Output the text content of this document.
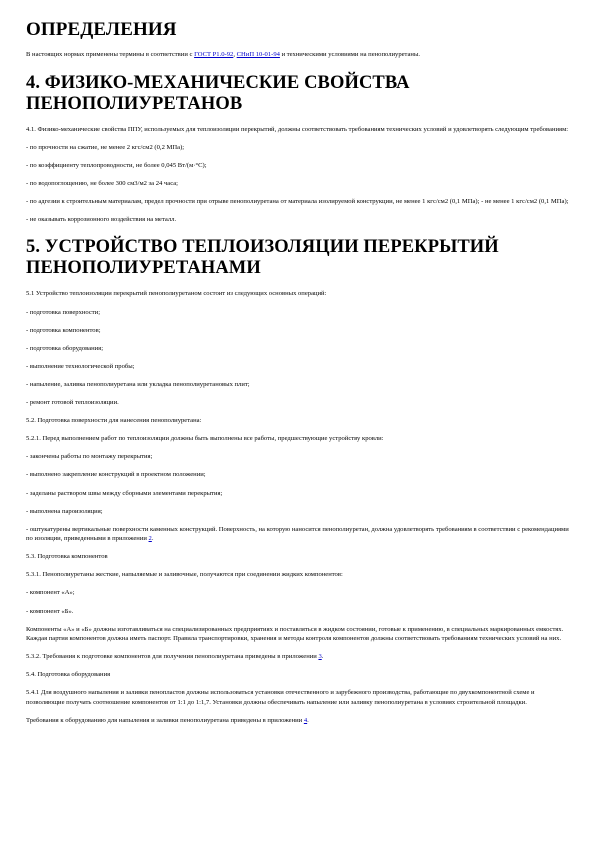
ОПРЕДЕЛЕНИЯ

В настоящих нормах применены термины в соответствии с ГОСТ Р1.0-92, СНиП 10-01-94 и техническими условиями на пенополиуретаны.

4. ФИЗИКО-МЕХАНИЧЕСКИЕ СВОЙСТВА ПЕНОПОЛИУРЕТАНОВ

4.1. Физико-механические свойства ППУ, используемых для теплоизоляции перекрытий, должны соответствовать требованиям технических условий и удовлетворять следующим требованиям:

- по прочности на сжатие, не менее 2 кгс/см2 (0,2 МПа);

- по коэффициенту теплопроводности, не более 0,045 Вт/(м·°С);

- по водопоглощению, не более 300 см3/м2 за 24 часа;

- по адгезии к строительным материалам, предел прочности при отрыве пенополиуретана от материала изолируемой конструкции, не менее 1 кгс/см2 (0,1 МПа); - не менее 1 кгс/см2 (0,1 МПа);

- не оказывать коррозионного воздействия на металл.

5. УСТРОЙСТВО ТЕПЛОИЗОЛЯЦИИ ПЕРЕКРЫТИЙ ПЕНОПОЛИУРЕТАНАМИ

5.1 Устройство теплоизоляции перекрытий пенополиуретаном состоит из следующих основных операций:

- подготовка поверхности;

- подготовка компонентов;

- подготовка оборудования;

- выполнение технологической пробы;

- напыление, заливка пенополиуретана или укладка пенополиуретановых плит;

- ремонт готовой теплоизоляции.

5.2. Подготовка поверхности для нанесения пенополиуретана:

5.2.1. Перед выполнением работ по теплоизоляции должны быть выполнены все работы, предшествующие устройству кровли:

- закончены работы по монтажу перекрытия;

- выполнено закрепление конструкций в проектном положении;

- заделаны раствором швы между сборными элементами перекрытия;

- выполнена пароизоляция;

- оштукатурены вертикальные поверхности каменных конструкций. Поверхность, на которую наносится пенополиуретан, должна удовлетворять требованиям в соответствии с рекомендациями по изоляции, приведенными в приложении 2.

5.3. Подготовка компонентов

5.3.1. Пенополиуретаны жесткие, напыляемые и заливочные, получаются при соединении жидких компонентов:

- компонент «А»;

- компонент «Б».

Компоненты «А» и «Б» должны изготавливаться на специализированных предприятиях и поставляться в жидком состоянии, готовые к применению, в специальных маркированных емкостях. Каждая партия компонентов должна иметь паспорт. Правила транспортировки, хранения и методы контроля компонентов должны соответствовать требованиям технических условий на них.

5.3.2. Требования к подготовке компонентов для получения пенополиуретана приведены в приложении 3.

5.4. Подготовка оборудования

5.4.1 Для воздушного напыления и заливки пенопластов должны использоваться установки отечественного и зарубежного производства, работающие по двухкомпонентной схеме и позволяющие получать соотношение компонентов от 1:1 до 1:1,7. Установки должны обеспечивать напыление или заливку пенополиуретана в условиях строительной площадки.

Требования к оборудованию для напыления и заливки пенополиуретана приведены в приложении 4.
